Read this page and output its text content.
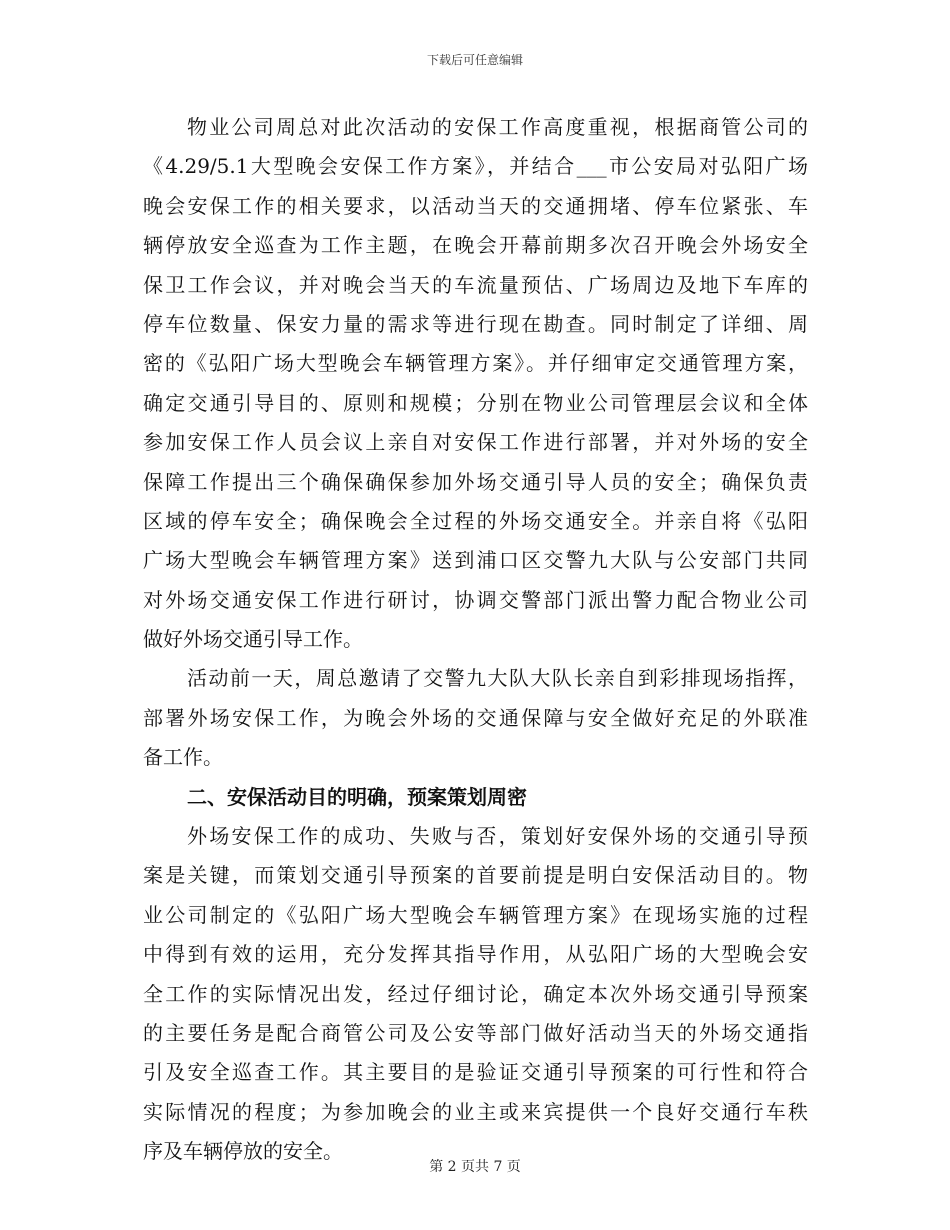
下载后可任意编辑
物业公司周总对此次活动的安保工作高度重视，根据商管公司的
《4.29/5.1大型晚会安保工作方案》，并结合___市公安局对弘阳广场
晚会安保工作的相关要求，以活动当天的交通拥堵、停车位紧张、车
辆停放安全巡查为工作主题，在晚会开幕前期多次召开晚会外场安全
保卫工作会议，并对晚会当天的车流量预估、广场周边及地下车库的
停车位数量、保安力量的需求等进行现在勘查。同时制定了详细、周
密的《弘阳广场大型晚会车辆管理方案》。并仔细审定交通管理方案，
确定交通引导目的、原则和规模；分别在物业公司管理层会议和全体
参加安保工作人员会议上亲自对安保工作进行部署，并对外场的安全
保障工作提出三个确保确保参加外场交通引导人员的安全；确保负责
区域的停车安全；确保晚会全过程的外场交通安全。并亲自将《弘阳
广场大型晚会车辆管理方案》送到浦口区交警九大队与公安部门共同
对外场交通安保工作进行研讨，协调交警部门派出警力配合物业公司
做好外场交通引导工作。
活动前一天，周总邀请了交警九大队大队长亲自到彩排现场指挥，
部署外场安保工作，为晚会外场的交通保障与安全做好充足的外联准
备工作。
二、安保活动目的明确，预案策划周密
外场安保工作的成功、失败与否，策划好安保外场的交通引导预
案是关键，而策划交通引导预案的首要前提是明白安保活动目的。物
业公司制定的《弘阳广场大型晚会车辆管理方案》在现场实施的过程
中得到有效的运用，充分发挥其指导作用，从弘阳广场的大型晚会安
全工作的实际情况出发，经过仔细讨论，确定本次外场交通引导预案
的主要任务是配合商管公司及公安等部门做好活动当天的外场交通指
引及安全巡查工作。其主要目的是验证交通引导预案的可行性和符合
实际情况的程度；为参加晚会的业主或来宾提供一个良好交通行车秩
序及车辆停放的安全。
第 2 页共 7 页
